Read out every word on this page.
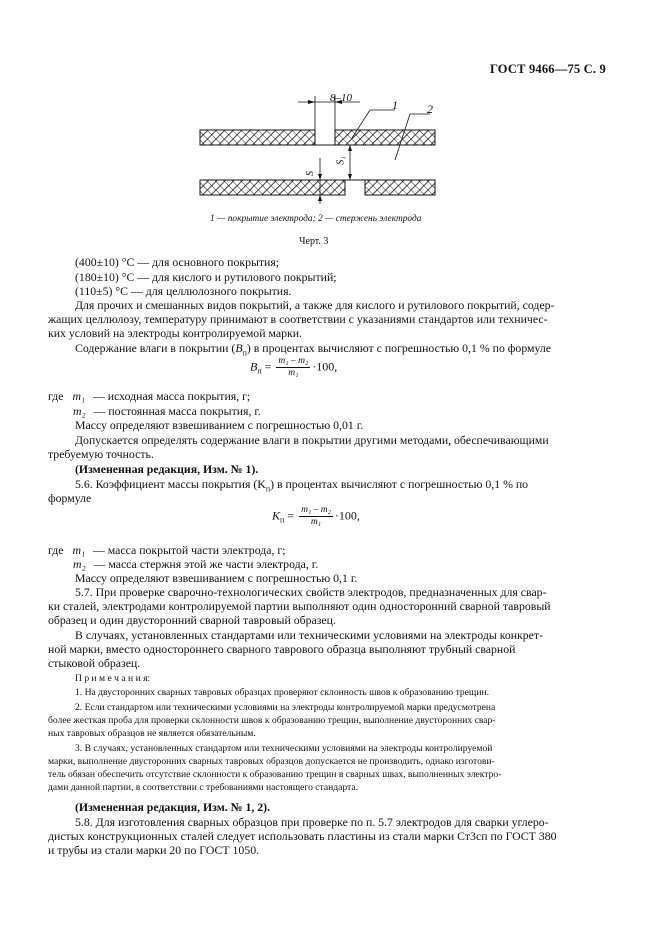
ГОСТ 9466—75 С. 9
8–10	1 2
S
S₁
1 — покрытие электрода; 2 — стержень электрода
Черт. 3
(400±10) °С — для основного покрытия;
(180±10) °С — для кислого и рутилового покрытий;
(110±5) °С — для целлюлозного покрытия.
Для прочих и смешанных видов покрытий, а также для кислого и рутилового покрытий, содер-
жащих целлюлозу, температуру принимают в соответствии с указаниями стандартов или техничес-
ких условий на электроды контролируемой марки.
Содержание влаги в покрытии $(B_п)$ в процентах вычисляют с погрешностью 0,1 % по формуле
$B_п = \frac{\text{m₁ – m₂}}{\text{m₁}} \cdot 100$,
где m₁ — исходная масса покрытия, г;
m₂ — постоянная масса покрытия, г.
Массу определяют взвешиванием с погрешностью 0,01 г.
Допускается определять содержание влаги в покрытии другими методами, обеспечивающими
требуемую точность.
(Измененная редакция, Изм. № 1).
5.6. Коэффициент массы покрытия $(K_п)$ в процентах вычисляют с погрешностью 0,1 % по
формуле
$K_п = \frac{\text{m₁ – m₂}}{\text{m₁}} \cdot 100$,
где m₁ — масса покрытой части электрода, г;
m₂ — масса стержня этой же части электрода, г.
Массу определяют взвешиванием с погрешностью 0,1 г.
5.7. При проверке сварочно-технологических свойств электродов, предназначенных для свар-
ки сталей, электродами контролируемой партии выполняют один односторонний сварной тавровый
образец и один двусторонний сварной тавровый образец.
В случаях, установленных стандартами или техническими условиями на электроды конкрет-
ной марки, вместо одностороннего сварного таврового образца выполняют трубный сварной
стыковой образец.
П р и м е ч а н и я:
1. На двусторонних сварных тавровых образцах проверяют склонность швов к образованию трещин.
2. Если стандартом или техническими условиями на электроды контролируемой марки предусмотрена
более жесткая проба для проверки склонности швов к образованию трещин, выполнение двусторонних свар-
ных тавровых образцов не является обязательным.
3. В случаях, установленных стандартом или техническими условиями на электроды контролируемой
марки, выполнение двусторонних сварных тавровых образцов допускается не производить, однако изготови-
тель обязан обеспечить отсутствие склонности к образованию трещин в сварных швах, выполненных электро-
дами данной партии, в соответствии с требованиями настоящего стандарта.
(Измененная редакция, Изм. № 1, 2).
5.8. Для изготовления сварных образцов при проверке по п. 5.7 электродов для сварки углеро-
дистых конструкционных сталей следует использовать пластины из стали марки Ст3сп по ГОСТ 380
и трубы из стали марки 20 по ГОСТ 1050.
